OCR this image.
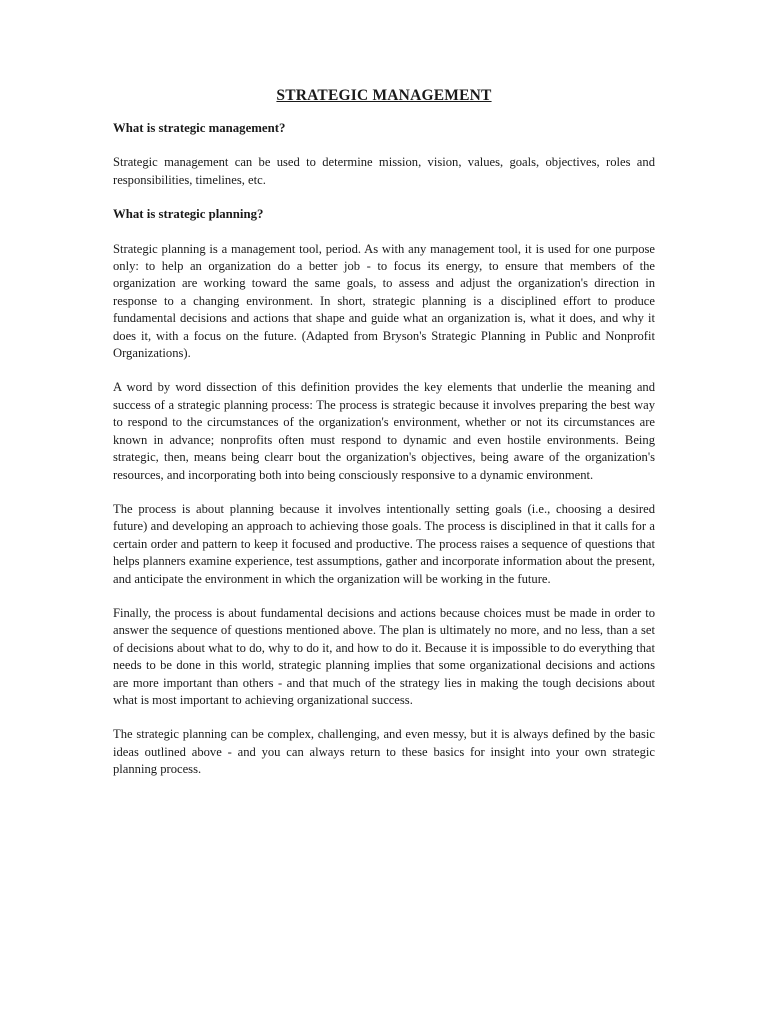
STRATEGIC MANAGEMENT
What is strategic management?
Strategic management can be used to determine mission, vision, values, goals, objectives, roles and responsibilities, timelines, etc.
What is strategic planning?
Strategic planning is a management tool, period. As with any management tool, it is used for one purpose only: to help an organization do a better job - to focus its energy, to ensure that members of the organization are working toward the same goals, to assess and adjust the organization's direction in response to a changing environment. In short, strategic planning is a disciplined effort to produce fundamental decisions and actions that shape and guide what an organization is, what it does, and why it does it, with a focus on the future. (Adapted from Bryson's Strategic Planning in Public and Nonprofit Organizations).
A word by word dissection of this definition provides the key elements that underlie the meaning and success of a strategic planning process: The process is strategic because it involves preparing the best way to respond to the circumstances of the organization's environment, whether or not its circumstances are known in advance; nonprofits often must respond to dynamic and even hostile environments. Being strategic, then, means being clearr bout the organization's objectives, being aware of the organization's resources, and incorporating both into being consciously responsive to a dynamic environment.
The process is about planning because it involves intentionally setting goals (i.e., choosing a desired future) and developing an approach to achieving those goals. The process is disciplined in that it calls for a certain order and pattern to keep it focused and productive. The process raises a sequence of questions that helps planners examine experience, test assumptions, gather and incorporate information about the present, and anticipate the environment in which the organization will be working in the future.
Finally, the process is about fundamental decisions and actions because choices must be made in order to answer the sequence of questions mentioned above. The plan is ultimately no more, and no less, than a set of decisions about what to do, why to do it, and how to do it. Because it is impossible to do everything that needs to be done in this world, strategic planning implies that some organizational decisions and actions are more important than others - and that much of the strategy lies in making the tough decisions about what is most important to achieving organizational success.
The strategic planning can be complex, challenging, and even messy, but it is always defined by the basic ideas outlined above - and you can always return to these basics for insight into your own strategic planning process.
